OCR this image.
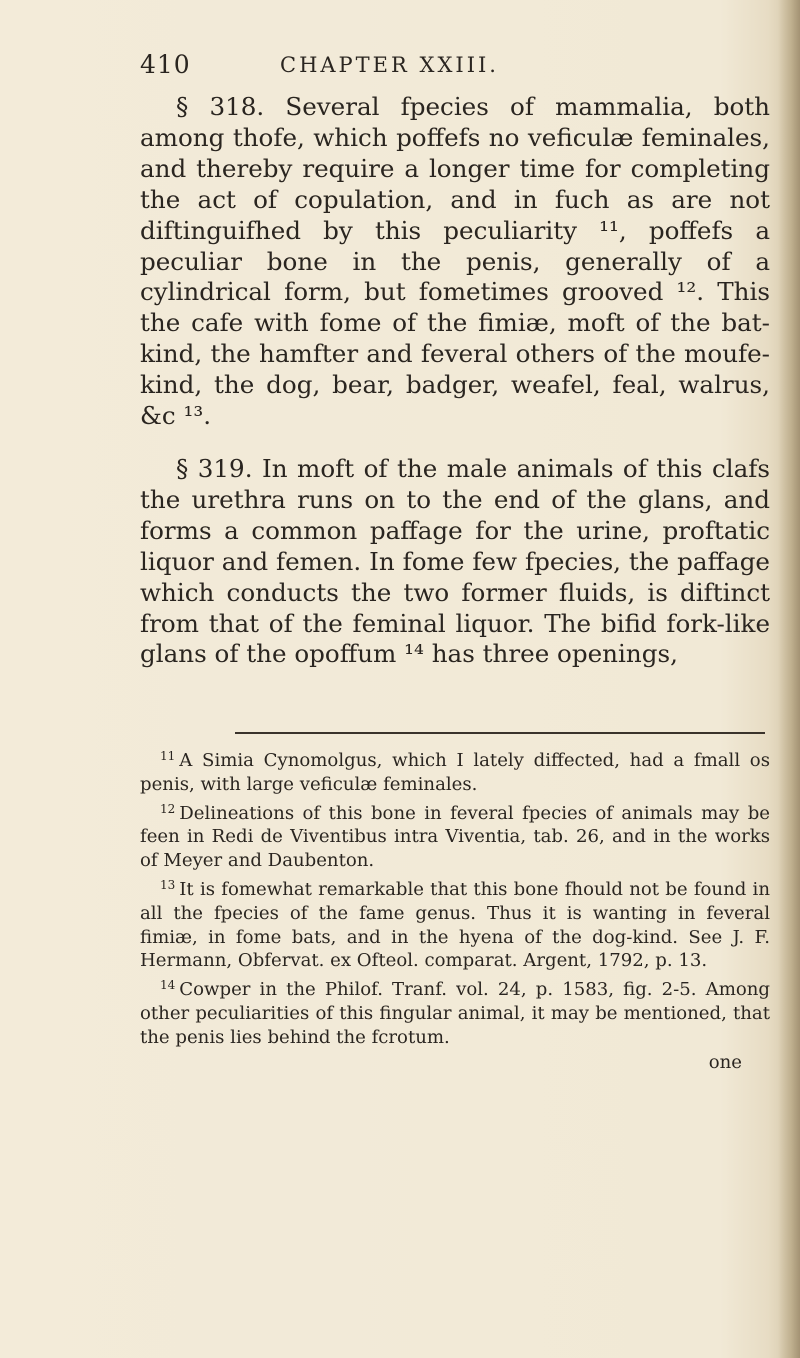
410	CHAPTER XXIII.

§ 318. Several fpecies of mammalia, both among thofe, which poffefs no veficulæ feminales, and thereby require a longer time for completing the act of copulation, and in fuch as are not diftinguifhed by this peculiarity ¹¹, poffefs a peculiar bone in the penis, generally of a cylindrical form, but fometimes grooved ¹². This the cafe with fome of the fimiæ, moft of the bat-kind, the hamfter and feveral others of the moufe-kind, the dog, bear, badger, weafel, feal, walrus, &c ¹³.

§ 319. In moft of the male animals of this clafs the urethra runs on to the end of the glans, and forms a common paffage for the urine, proftatic liquor and femen. In fome few fpecies, the paffage which conducts the two former fluids, is diftinct from that of the feminal liquor. The bifid fork-like glans of the opoffum ¹⁴ has three openings,

$^{11}$ A Simia Cynomolgus, which I lately diffected, had a fmall os penis, with large veficulæ feminales.

$^{12}$ Delineations of this bone in feveral fpecies of animals may be feen in Redi de Viventibus intra Viventia, tab. 26, and in the works of Meyer and Daubenton.

$^{13}$ It is fomewhat remarkable that this bone fhould not be found in all the fpecies of the fame genus. Thus it is wanting in feveral fimiæ, in fome bats, and in the hyena of the dog-kind. See J. F. Hermann, Obfervat. ex Ofteol. comparat. Argent, 1792, p. 13.

$^{14}$ Cowper in the Philof. Tranf. vol. 24, p. 1583, fig. 2-5. Among other peculiarities of this fingular animal, it may be mentioned, that the penis lies behind the fcrotum.

one
